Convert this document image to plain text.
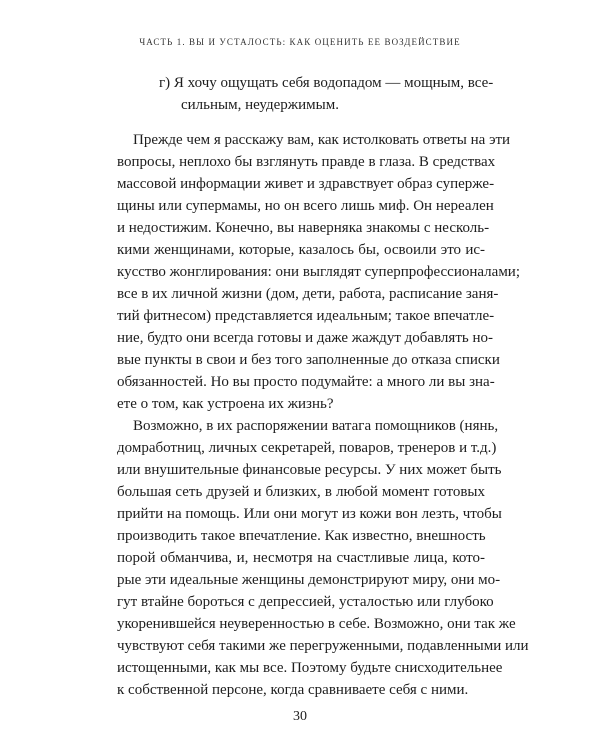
ЧАСТЬ 1. ВЫ И УСТАЛОСТЬ: КАК ОЦЕНИТЬ ЕЕ ВОЗДЕЙСТВИЕ
г) Я хочу ощущать себя водопадом — мощным, все-
сильным, неудержимым.
Прежде чем я расскажу вам, как истолковать ответы на эти
вопросы, неплохо бы взглянуть правде в глаза. В средствах
массовой информации живет и здравствует образ суперже-
щины или супермамы, но он всего лишь миф. Он нереален
и недостижим. Конечно, вы наверняка знакомы с несколь-
кими женщинами, которые, казалось бы, освоили это ис-
кусство жонглирования: они выглядят суперпрофессионалами;
все в их личной жизни (дом, дети, работа, расписание заня-
тий фитнесом) представляется идеальным; такое впечатле-
ние, будто они всегда готовы и даже жаждут добавлять но-
вые пункты в свои и без того заполненные до отказа списки
обязанностей. Но вы просто подумайте: а много ли вы зна-
ете о том, как устроена их жизнь?
Возможно, в их распоряжении ватага помощников (нянь,
домработниц, личных секретарей, поваров, тренеров и т.д.)
или внушительные финансовые ресурсы. У них может быть
большая сеть друзей и близких, в любой момент готовых
прийти на помощь. Или они могут из кожи вон лезть, чтобы
производить такое впечатление. Как известно, внешность
порой обманчива, и, несмотря на счастливые лица, кото-
рые эти идеальные женщины демонстрируют миру, они мо-
гут втайне бороться с депрессией, усталостью или глубоко
укоренившейся неуверенностью в себе. Возможно, они так же
чувствуют себя такими же перегруженными, подавленными или
истощенными, как мы все. Поэтому будьте снисходительнее
к собственной персоне, когда сравниваете себя с ними.
30
